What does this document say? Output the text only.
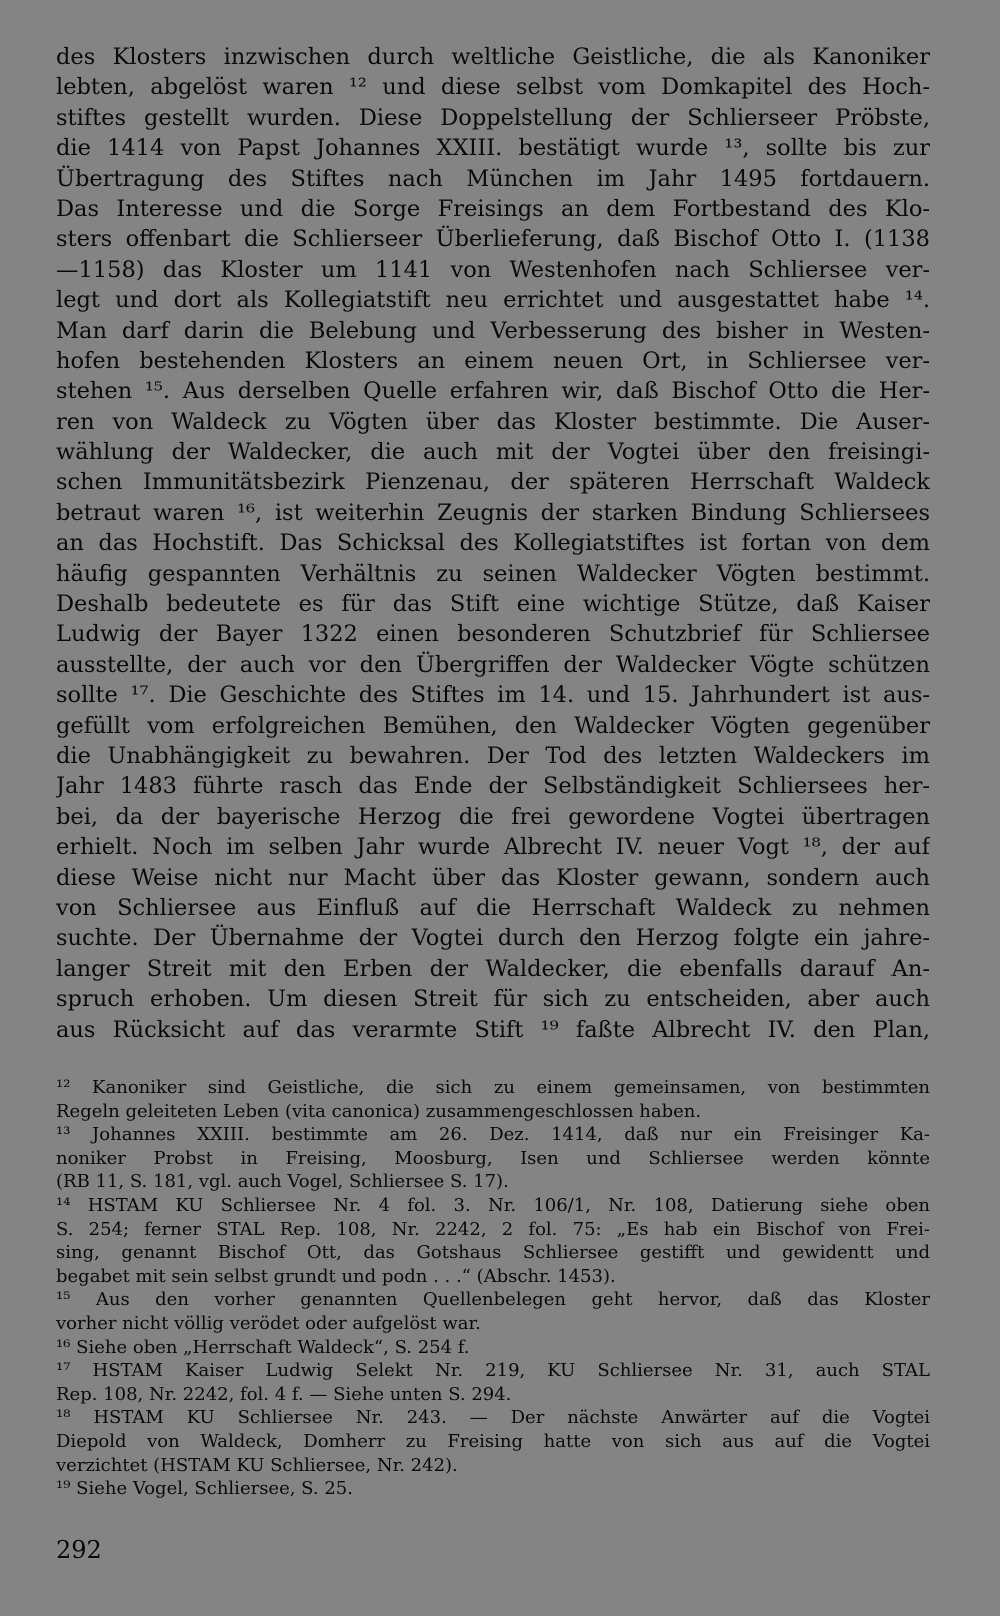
des Klosters inzwischen durch weltliche Geistliche, die als Kanoniker
lebten, abgelöst waren ¹² und diese selbst vom Domkapitel des Hoch-
stiftes gestellt wurden. Diese Doppelstellung der Schlierseer Pröbste,
die 1414 von Papst Johannes XXIII. bestätigt wurde ¹³, sollte bis zur
Übertragung des Stiftes nach München im Jahr 1495 fortdauern.
Das Interesse und die Sorge Freisings an dem Fortbestand des Klo-
sters offenbart die Schlierseer Überlieferung, daß Bischof Otto I. (1138
—1158) das Kloster um 1141 von Westenhofen nach Schliersee ver-
legt und dort als Kollegiatstift neu errichtet und ausgestattet habe ¹⁴.
Man darf darin die Belebung und Verbesserung des bisher in Westen-
hofen bestehenden Klosters an einem neuen Ort, in Schliersee ver-
stehen ¹⁵. Aus derselben Quelle erfahren wir, daß Bischof Otto die Her-
ren von Waldeck zu Vögten über das Kloster bestimmte. Die Auser-
wählung der Waldecker, die auch mit der Vogtei über den freisingi-
schen Immunitätsbezirk Pienzenau, der späteren Herrschaft Waldeck
betraut waren ¹⁶, ist weiterhin Zeugnis der starken Bindung Schliersees
an das Hochstift. Das Schicksal des Kollegiatstiftes ist fortan von dem
häufig gespannten Verhältnis zu seinen Waldecker Vögten bestimmt.
Deshalb bedeutete es für das Stift eine wichtige Stütze, daß Kaiser
Ludwig der Bayer 1322 einen besonderen Schutzbrief für Schliersee
ausstellte, der auch vor den Übergriffen der Waldecker Vögte schützen
sollte ¹⁷. Die Geschichte des Stiftes im 14. und 15. Jahrhundert ist aus-
gefüllt vom erfolgreichen Bemühen, den Waldecker Vögten gegenüber
die Unabhängigkeit zu bewahren. Der Tod des letzten Waldeckers im
Jahr 1483 führte rasch das Ende der Selbständigkeit Schliersees her-
bei, da der bayerische Herzog die frei gewordene Vogtei übertragen
erhielt. Noch im selben Jahr wurde Albrecht IV. neuer Vogt ¹⁸, der auf
diese Weise nicht nur Macht über das Kloster gewann, sondern auch
von Schliersee aus Einfluß auf die Herrschaft Waldeck zu nehmen
suchte. Der Übernahme der Vogtei durch den Herzog folgte ein jahre-
langer Streit mit den Erben der Waldecker, die ebenfalls darauf An-
spruch erhoben. Um diesen Streit für sich zu entscheiden, aber auch
aus Rücksicht auf das verarmte Stift ¹⁹ faßte Albrecht IV. den Plan,
¹² Kanoniker sind Geistliche, die sich zu einem gemeinsamen, von bestimmten
Regeln geleiteten Leben (vita canonica) zusammengeschlossen haben.
¹³ Johannes XXIII. bestimmte am 26. Dez. 1414, daß nur ein Freisinger Ka-
noniker Probst in Freising, Moosburg, Isen und Schliersee werden könnte
(RB 11, S. 181, vgl. auch Vogel, Schliersee S. 17).
¹⁴ HSTAM KU Schliersee Nr. 4 fol. 3. Nr. 106/1, Nr. 108, Datierung siehe oben
S. 254; ferner STAL Rep. 108, Nr. 2242, 2 fol. 75: „Es hab ein Bischof von Frei-
sing, genannt Bischof Ott, das Gotshaus Schliersee gestifft und gewidentt und
begabet mit sein selbst grundt und podn . . .“ (Abschr. 1453).
¹⁵ Aus den vorher genannten Quellenbelegen geht hervor, daß das Kloster
vorher nicht völlig verödet oder aufgelöst war.
¹⁶ Siehe oben „Herrschaft Waldeck“, S. 254 f.
¹⁷ HSTAM Kaiser Ludwig Selekt Nr. 219, KU Schliersee Nr. 31, auch STAL
Rep. 108, Nr. 2242, fol. 4 f. — Siehe unten S. 294.
¹⁸ HSTAM KU Schliersee Nr. 243. — Der nächste Anwärter auf die Vogtei
Diepold von Waldeck, Domherr zu Freising hatte von sich aus auf die Vogtei
verzichtet (HSTAM KU Schliersee, Nr. 242).
¹⁹ Siehe Vogel, Schliersee, S. 25.
292
